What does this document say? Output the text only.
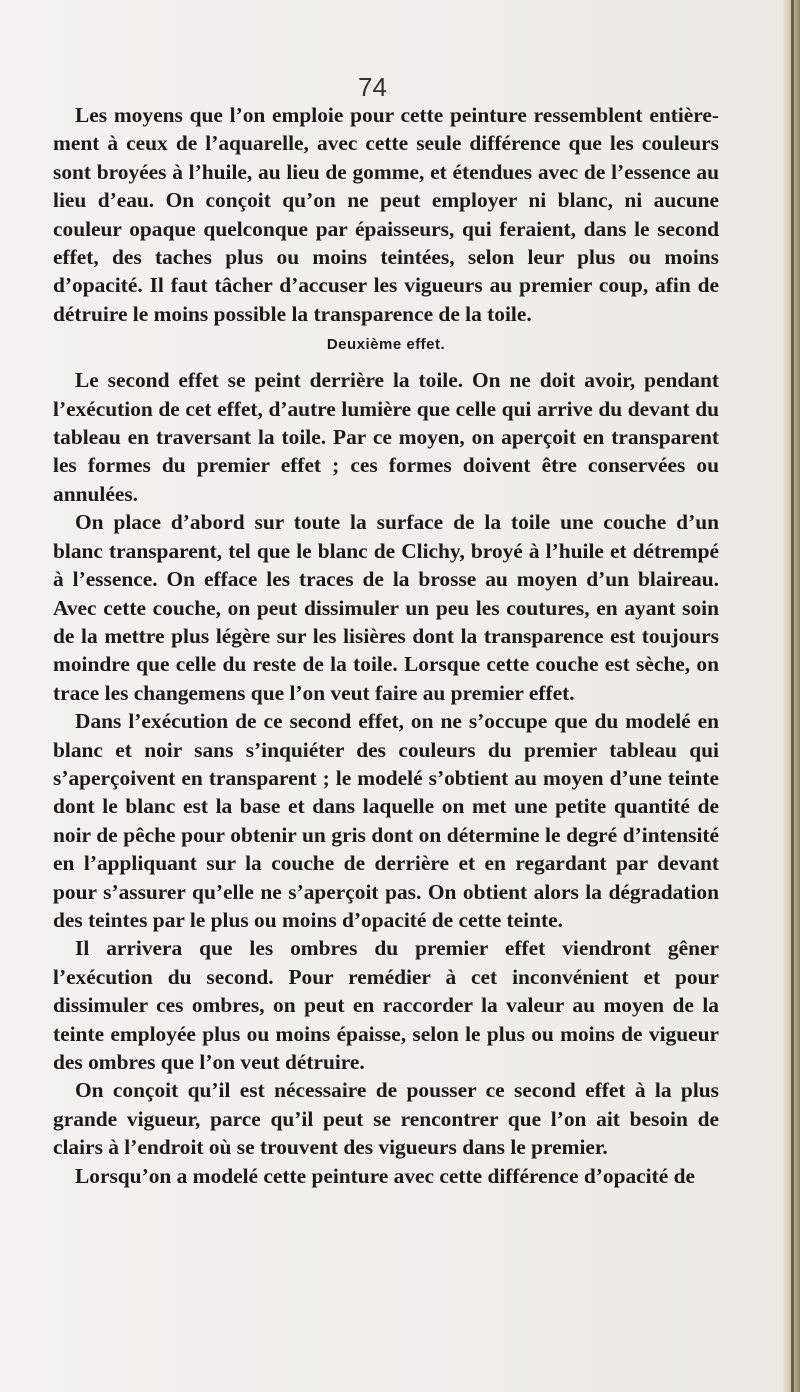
74

Les moyens que l’on emploie pour cette peinture ressemblent entièrement à ceux de l’aquarelle, avec cette seule différence que les couleurs sont broyées à l’huile, au lieu de gomme, et étendues avec de l’essence au lieu d’eau. On conçoit qu’on ne peut employer ni blanc, ni aucune couleur opaque quelconque par épaisseurs, qui feraient, dans le second effet, des taches plus ou moins teintées, selon leur plus ou moins d’opacité. Il faut tâcher d’accuser les vigueurs au premier coup, afin de détruire le moins possible la transparence de la toile.

Deuxième effet.

Le second effet se peint derrière la toile. On ne doit avoir, pendant l’exécution de cet effet, d’autre lumière que celle qui arrive du devant du tableau en traversant la toile. Par ce moyen, on aperçoit en transparent les formes du premier effet ; ces formes doivent être conservées ou annulées.

On place d’abord sur toute la surface de la toile une couche d’un blanc transparent, tel que le blanc de Clichy, broyé à l’huile et détrempé à l’essence. On efface les traces de la brosse au moyen d’un blaireau. Avec cette couche, on peut dissimuler un peu les coutures, en ayant soin de la mettre plus légère sur les lisières dont la transparence est toujours moindre que celle du reste de la toile. Lorsque cette couche est sèche, on trace les changemens que l’on veut faire au premier effet.

Dans l’exécution de ce second effet, on ne s’occupe que du modelé en blanc et noir sans s’inquiéter des couleurs du premier tableau qui s’aperçoivent en transparent ; le modelé s’obtient au moyen d’une teinte dont le blanc est la base et dans laquelle on met une petite quantité de noir de pêche pour obtenir un gris dont on détermine le degré d’intensité en l’appliquant sur la couche de derrière et en regardant par devant pour s’assurer qu’elle ne s’aperçoit pas. On obtient alors la dégradation des teintes par le plus ou moins d’opacité de cette teinte.

Il arrivera que les ombres du premier effet viendront gêner l’exécution du second. Pour remédier à cet inconvénient et pour dissimuler ces ombres, on peut en raccorder la valeur au moyen de la teinte employée plus ou moins épaisse, selon le plus ou moins de vigueur des ombres que l’on veut détruire.

On conçoit qu’il est nécessaire de pousser ce second effet à la plus grande vigueur, parce qu’il peut se rencontrer que l’on ait besoin de clairs à l’endroit où se trouvent des vigueurs dans le premier.

Lorsqu’on a modelé cette peinture avec cette différence d’opacité de
